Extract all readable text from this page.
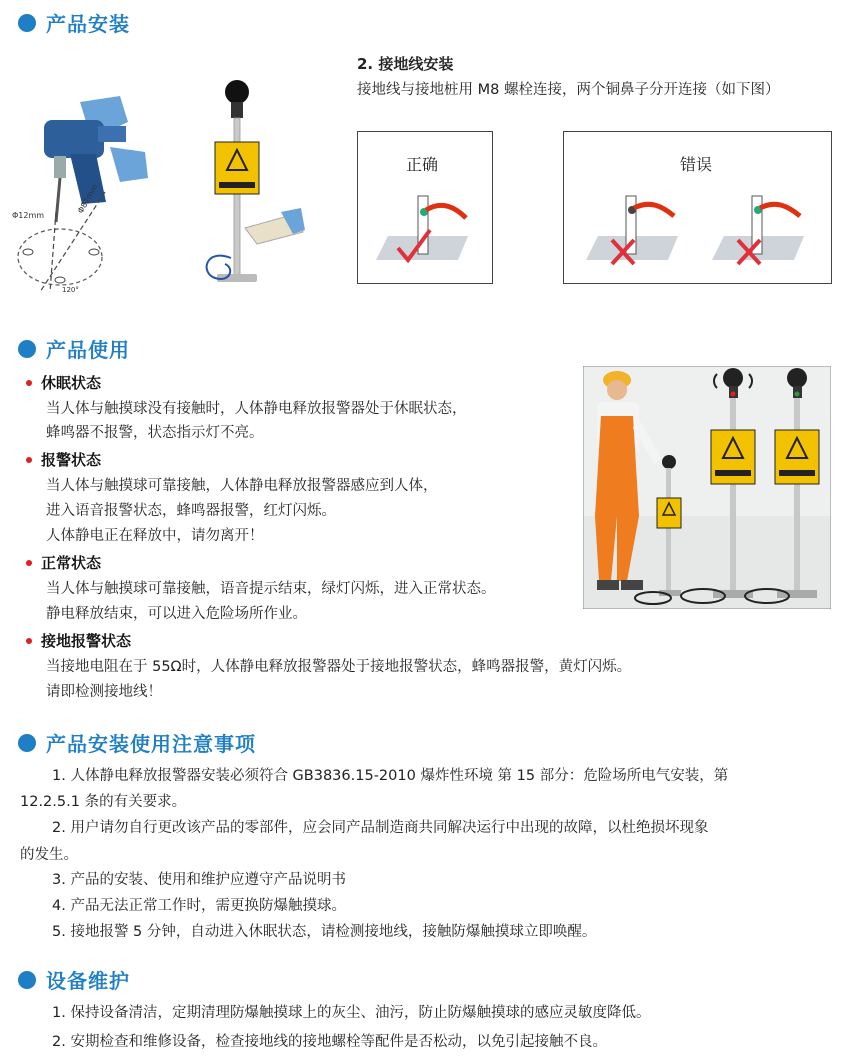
产品安装
Φ12mm
Φ82mm
120°
2. 接地线安装
接地线与接地桩用 M8 螺栓连接，两个铜鼻子分开连接（如下图）
正确	错误
产品使用
休眠状态
当人体与触摸球没有接触时，人体静电释放报警器处于休眠状态，
蜂鸣器不报警，状态指示灯不亮。
报警状态
当人体与触摸球可靠接触，人体静电释放报警器感应到人体，
进入语音报警状态，蜂鸣器报警，红灯闪烁。
人体静电正在释放中，请勿离开！
正常状态
当人体与触摸球可靠接触，语音提示结束，绿灯闪烁，进入正常状态。
静电释放结束，可以进入危险场所作业。
接地报警状态
当接地电阻在于 55Ω时，人体静电释放报警器处于接地报警状态，蜂鸣器报警，黄灯闪烁。
请即检测接地线！
产品安装使用注意事项
1. 人体静电释放报警器安装必须符合 GB3836.15-2010 爆炸性环境 第 15 部分：危险场所电气安装，第
12.2.5.1 条的有关要求。
2. 用户请勿自行更改该产品的零部件，应会同产品制造商共同解决运行中出现的故障，以杜绝损坏现象
的发生。
3. 产品的安装、使用和维护应遵守产品说明书
4. 产品无法正常工作时，需更换防爆触摸球。
5. 接地报警 5 分钟，自动进入休眠状态，请检测接地线，接触防爆触摸球立即唤醒。
设备维护
1. 保持设备清洁，定期清理防爆触摸球上的灰尘、油污，防止防爆触摸球的感应灵敏度降低。
2. 安期检查和维修设备，检查接地线的接地螺栓等配件是否松动，以免引起接触不良。
